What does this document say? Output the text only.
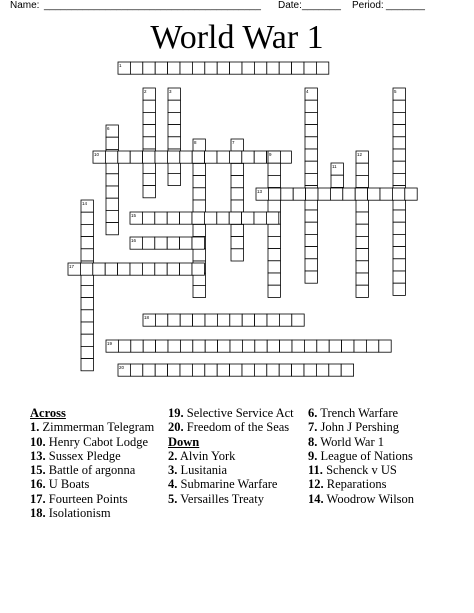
Name: _______________________________________ Date: _______ Period: _______
World War 1
1
2	3	4	5
6
7
8
10	9	12
11
13
14
15
16
17
18
19
20
Across
1. Zimmerman Telegram
10. Henry Cabot Lodge
13. Sussex Pledge
15. Battle of argonna
16. U Boats
17. Fourteen Points
18. Isolationism
19. Selective Service Act
20. Freedom of the Seas
Down
2. Alvin York
3. Lusitania
4. Submarine Warfare
5. Versailles Treaty
6. Trench Warfare
7. John J Pershing
8. World War 1
9. League of Nations
11. Schenck v US
12. Reparations
14. Woodrow Wilson
